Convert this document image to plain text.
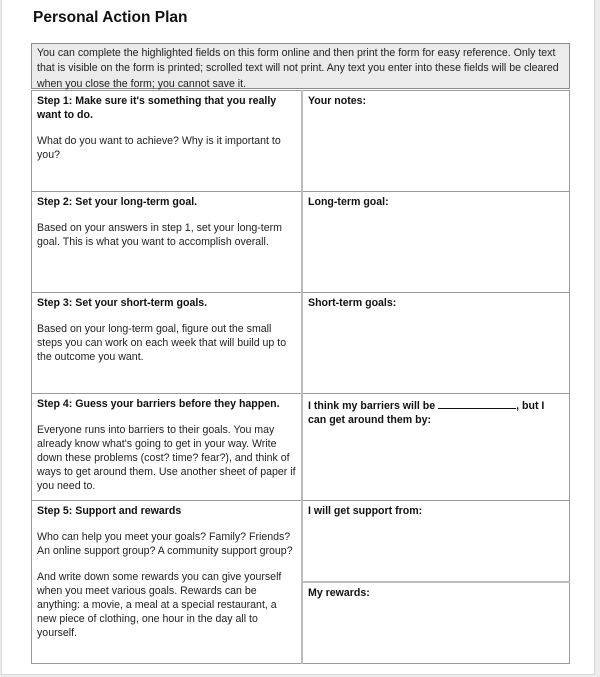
Personal Action Plan
You can complete the highlighted fields on this form online and then print the form for easy reference. Only text that is visible on the form is printed; scrolled text will not print. Any text you enter into these fields will be cleared when you close the form; you cannot save it.
Step 1: Make sure it's something that you really want to do.
What do you want to achieve? Why is it important to you?	Your notes:

Step 2: Set your long-term goal.
Based on your answers in step 1, set your long-term goal. This is what you want to accomplish overall.	Long-term goal:

Step 3: Set your short-term goals.
Based on your long-term goal, figure out the small steps you can work on each week that will build up to the outcome you want.	Short-term goals:

Step 4: Guess your barriers before they happen.
Everyone runs into barriers to their goals. You may already know what's going to get in your way. Write down these problems (cost? time? fear?), and think of ways to get around them. Use another sheet of paper if you need to.	I think my barriers will be , but I can get around them by:

Step 5: Support and rewards
Who can help you meet your goals? Family? Friends? An online support group? A community support group?
And write down some rewards you can give yourself when you meet various goals. Rewards can be anything: a movie, a meal at a special restaurant, a new piece of clothing, one hour in the day all to yourself.	I will get support from:

	My rewards:
